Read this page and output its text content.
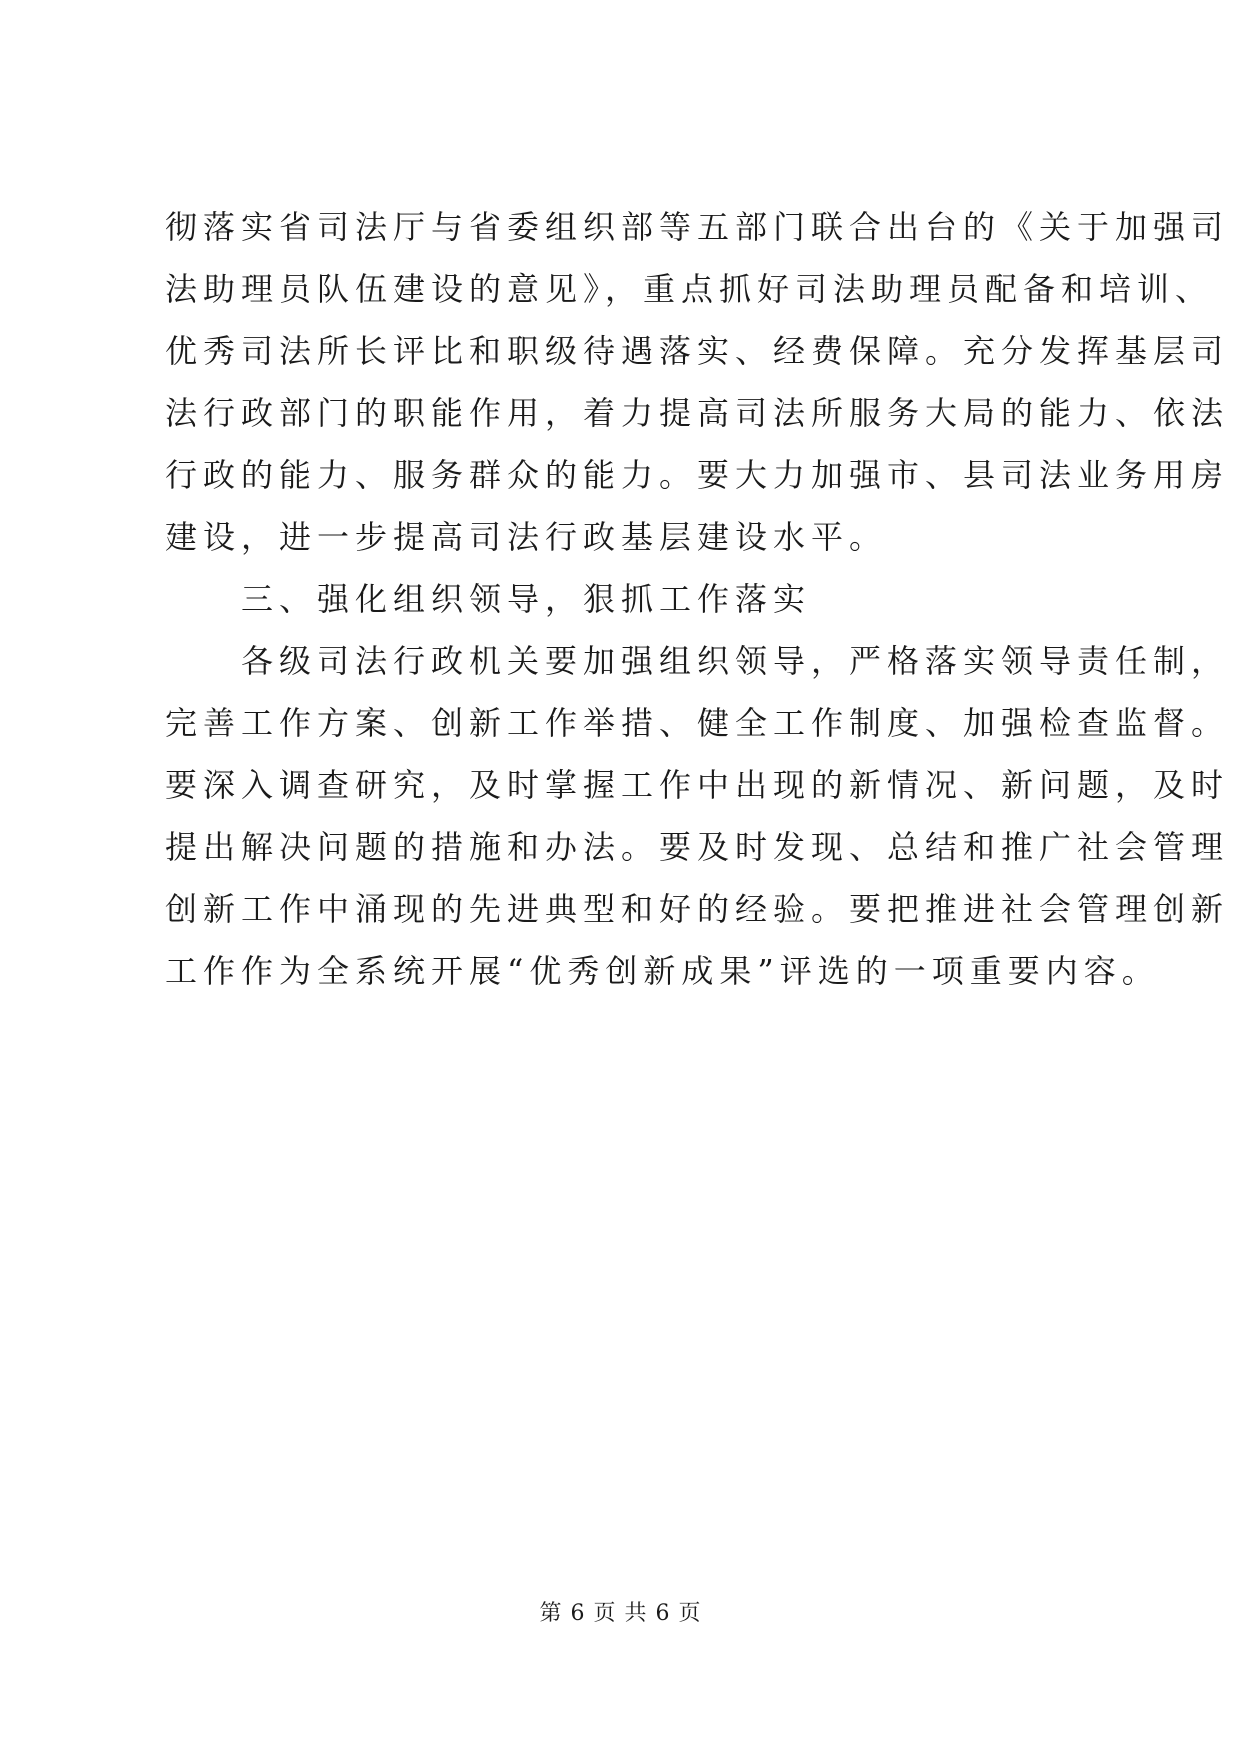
彻落实省司法厅与省委组织部等五部门联合出台的《关于加强司
法助理员队伍建设的意见》，重点抓好司法助理员配备和培训、
优秀司法所长评比和职级待遇落实、经费保障。充分发挥基层司
法行政部门的职能作用，着力提高司法所服务大局的能力、依法
行政的能力、服务群众的能力。要大力加强市、县司法业务用房
建设，进一步提高司法行政基层建设水平。
　　三、强化组织领导，狠抓工作落实
　　各级司法行政机关要加强组织领导，严格落实领导责任制，
完善工作方案、创新工作举措、健全工作制度、加强检查监督。
要深入调查研究，及时掌握工作中出现的新情况、新问题，及时
提出解决问题的措施和办法。要及时发现、总结和推广社会管理
创新工作中涌现的先进典型和好的经验。要把推进社会管理创新
工作作为全系统开展“优秀创新成果”评选的一项重要内容。
第 6 页 共 6 页
